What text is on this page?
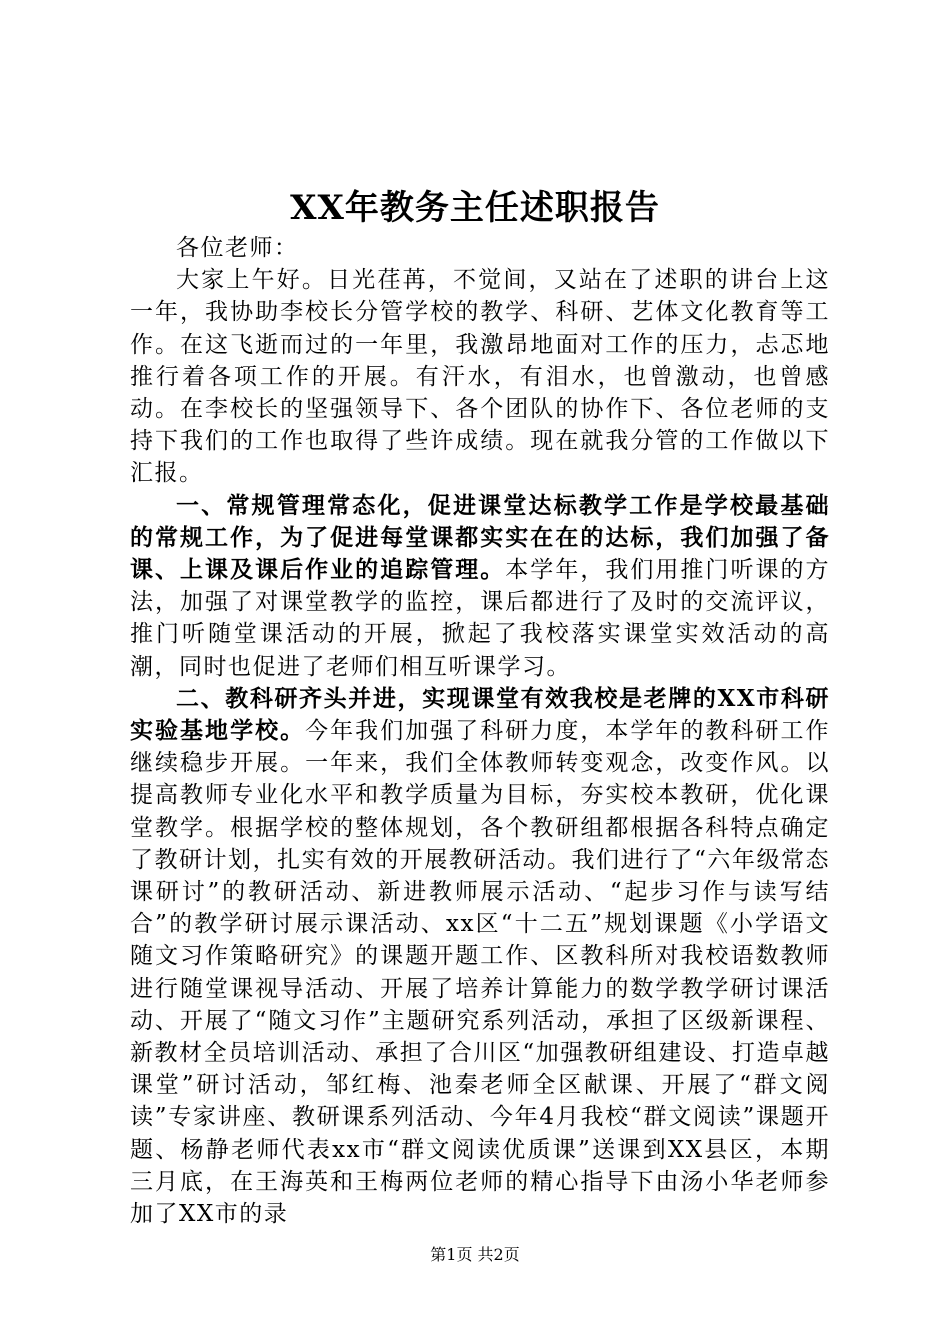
XX年教务主任述职报告

各位老师：

大家上午好。日光荏苒，不觉间，又站在了述职的讲台上这一年，我协助李校长分管学校的教学、科研、艺体文化教育等工作。在这飞逝而过的一年里，我激昂地面对工作的压力，忐忑地推行着各项工作的开展。有汗水，有泪水，也曾激动，也曾感动。在李校长的坚强领导下、各个团队的协作下、各位老师的支持下我们的工作也取得了些许成绩。现在就我分管的工作做以下汇报。

一、常规管理常态化，促进课堂达标教学工作是学校最基础的常规工作，为了促进每堂课都实实在在的达标，我们加强了备课、上课及课后作业的追踪管理。本学年，我们用推门听课的方法，加强了对课堂教学的监控，课后都进行了及时的交流评议，推门听随堂课活动的开展，掀起了我校落实课堂实效活动的高潮，同时也促进了老师们相互听课学习。

二、教科研齐头并进，实现课堂有效我校是老牌的XX市科研实验基地学校。今年我们加强了科研力度，本学年的教科研工作继续稳步开展。一年来，我们全体教师转变观念，改变作风。以提高教师专业化水平和教学质量为目标，夯实校本教研，优化课堂教学。根据学校的整体规划，各个教研组都根据各科特点确定了教研计划，扎实有效的开展教研活动。我们进行了“六年级常态课研讨”的教研活动、新进教师展示活动、“起步习作与读写结合”的教学研讨展示课活动、xx区“十二五”规划课题《小学语文随文习作策略研究》的课题开题工作、区教科所对我校语数教师进行随堂课视导活动、开展了培养计算能力的数学教学研讨课活动、开展了“随文习作”主题研究系列活动，承担了区级新课程、新教材全员培训活动、承担了合川区“加强教研组建设、打造卓越课堂”研讨活动，邹红梅、池秦老师全区献课、开展了“群文阅读”专家讲座、教研课系列活动、今年4月我校“群文阅读”课题开题、杨静老师代表xx市“群文阅读优质课”送课到XX县区，本期三月底，在王海英和王梅两位老师的精心指导下由汤小华老师参加了XX市的录

第1页 共2页
